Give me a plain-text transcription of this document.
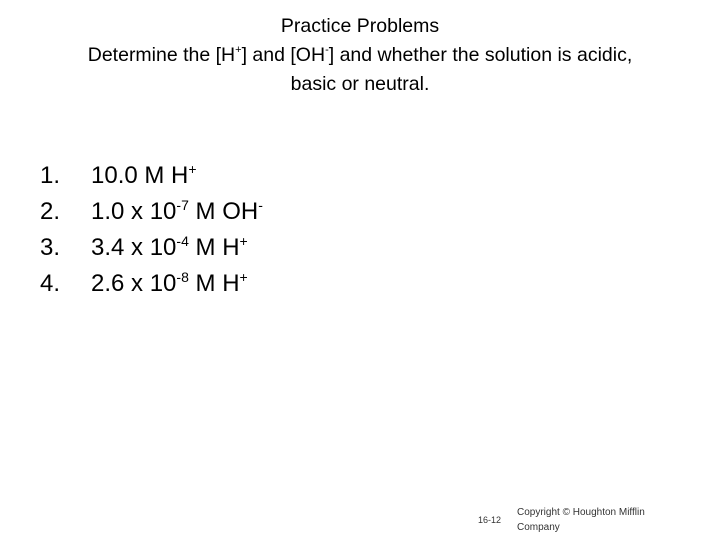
Practice Problems
Determine the [H+] and [OH-] and whether the solution is acidic,
basic or neutral.
1.	10.0 M H+
2.	1.0 x $10^{-7}$ M OH-
3.	3.4 x $10^{-4}$ M H+
4.	2.6 x $10^{-8}$ M H+
16-12
Copyright © Houghton Mifflin Company
